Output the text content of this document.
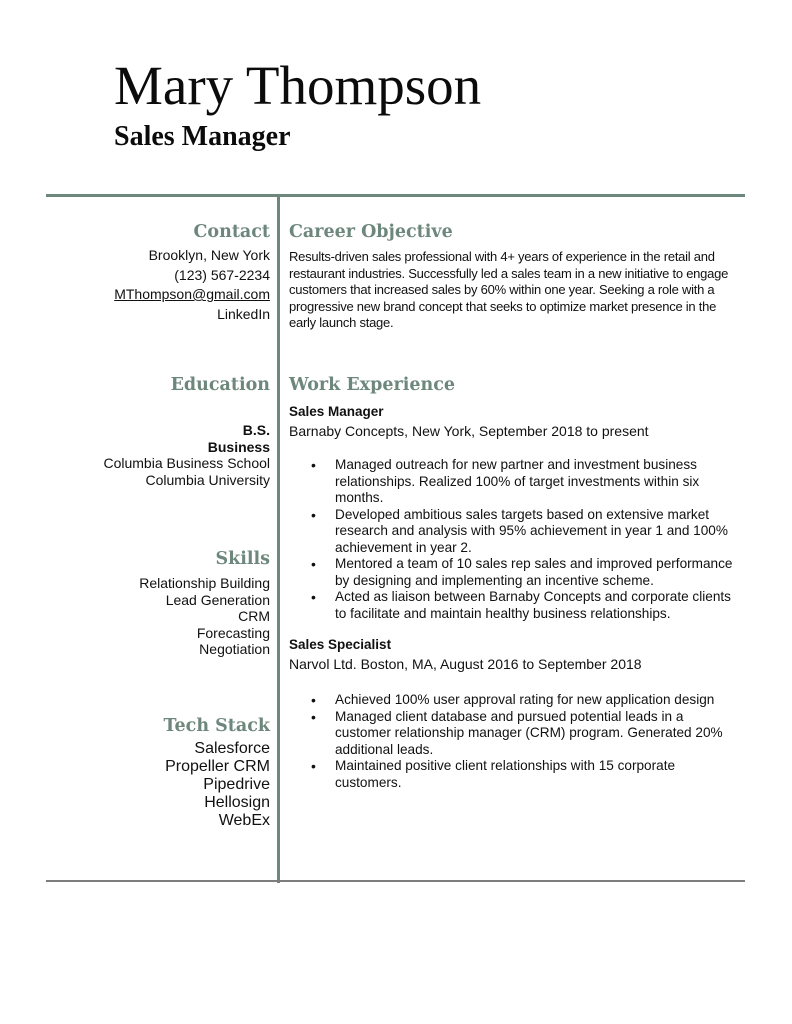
Mary Thompson
Sales Manager
Contact
Brooklyn, New York
(123) 567-2234
MThompson@gmail.com
LinkedIn
Education
B.S.
Business
Columbia Business School
Columbia University
Skills
Relationship Building
Lead Generation
CRM
Forecasting
Negotiation
Tech Stack
Salesforce
Propeller CRM
Pipedrive
Hellosign
WebEx
Career Objective
Results-driven sales professional with 4+ years of experience in the retail and restaurant industries. Successfully led a sales team in a new initiative to engage customers that increased sales by 60% within one year. Seeking a role with a progressive new brand concept that seeks to optimize market presence in the early launch stage.
Work Experience
Sales Manager
Barnaby Concepts, New York, September 2018 to present
• Managed outreach for new partner and investment business relationships. Realized 100% of target investments within six months.
• Developed ambitious sales targets based on extensive market research and analysis with 95% achievement in year 1 and 100% achievement in year 2.
• Mentored a team of 10 sales rep sales and improved performance by designing and implementing an incentive scheme.
• Acted as liaison between Barnaby Concepts and corporate clients to facilitate and maintain healthy business relationships.
Sales Specialist
Narvol Ltd. Boston, MA, August 2016 to September 2018
• Achieved 100% user approval rating for new application design
• Managed client database and pursued potential leads in a customer relationship manager (CRM) program. Generated 20% additional leads.
• Maintained positive client relationships with 15 corporate customers.
